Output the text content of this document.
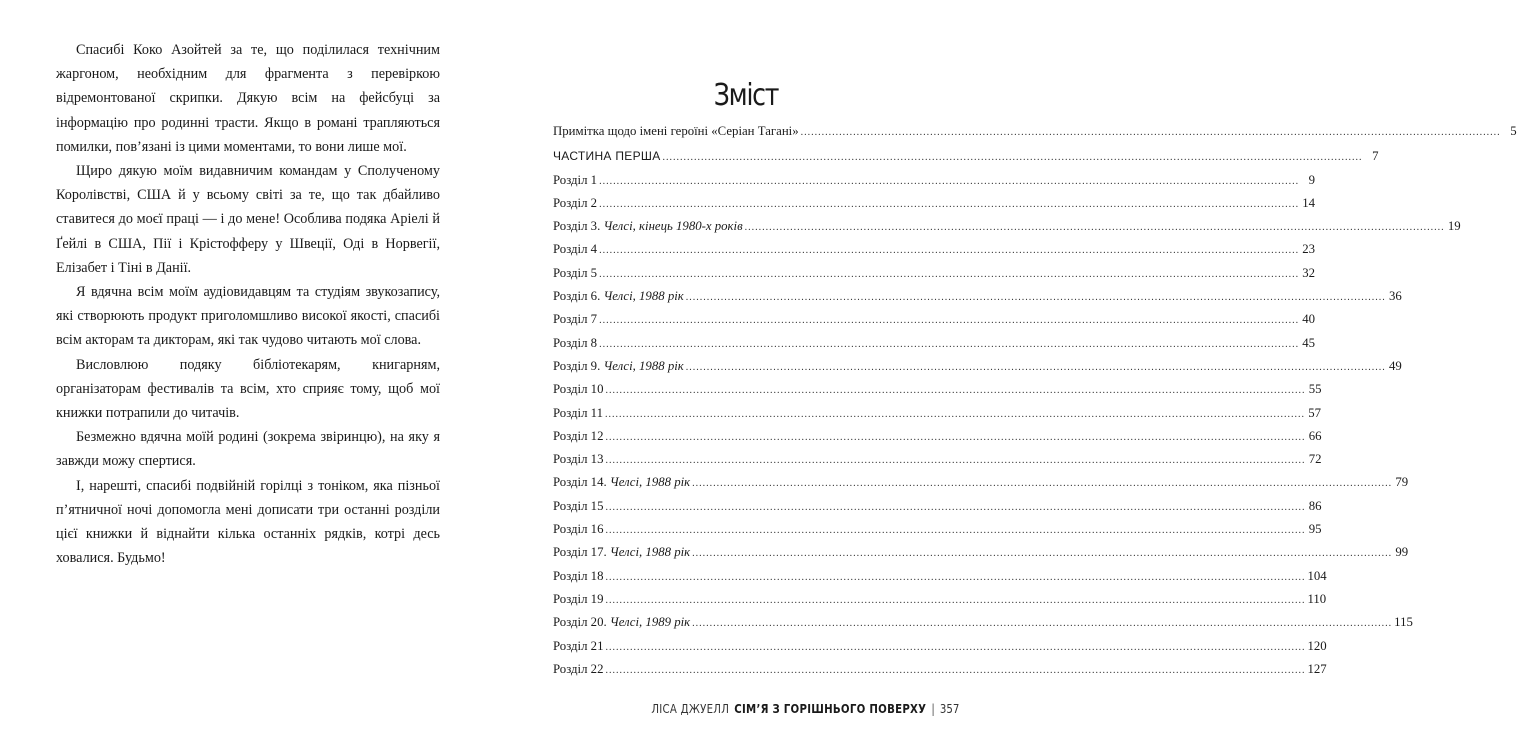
Спасибі Коко Азойтей за те, що поділилася технічним жаргоном, необхідним для фрагмента з перевіркою відремонтованої скрипки. Дякую всім на фейсбуці за інформацію про родинні трасти. Якщо в романі трапляються помилки, пов’язані із цими моментами, то вони лише мої.

Щиро дякую моїм видавничим командам у Сполученому Королівстві, США й у всьому світі за те, що так дбайливо ставитеся до моєї праці — і до мене! Особлива подяка Аріелі й Ґейлі в США, Пії і Крістофферу у Швеції, Оді в Норвегії, Елізабет і Тіні в Данії.

Я вдячна всім моїм аудіовидавцям та студіям звукозапису, які створюють продукт приголомшливо високої якості, спасибі всім акторам та дикторам, які так чудово читають мої слова.

Висловлюю подяку бібліотекарям, книгарням, організаторам фестивалів та всім, хто сприяє тому, щоб мої книжки потрапили до читачів.

Безмежно вдячна моїй родині (зокрема звіринцю), на яку я завжди можу спертися.

І, нарешті, спасибі подвійній горілці з тоніком, яка пізньої п’ятничної ночі допомогла мені дописати три останні розділи цієї книжки й віднайти кілька останніх рядків, котрі десь ховалися. Будьмо!

Зміст
Примітка щодо імені героїні «Серіан Тагані» ........................................................................................................................................................................................................ 5
ЧАСТИНА ПЕРША ........................................................................................................................................................................................................ 7
Розділ 1 ........................................................................................................................................................................................................ 9
Розділ 2 ........................................................................................................................................................................................................ 14
Розділ 3. Челсі, кінець 1980-х років ........................................................................................................................................................................................................ 19
Розділ 4 ........................................................................................................................................................................................................ 23
Розділ 5 ........................................................................................................................................................................................................ 32
Розділ 6. Челсі, 1988 рік ........................................................................................................................................................................................................ 36
Розділ 7 ........................................................................................................................................................................................................ 40
Розділ 8 ........................................................................................................................................................................................................ 45
Розділ 9. Челсі, 1988 рік ........................................................................................................................................................................................................ 49
Розділ 10 ........................................................................................................................................................................................................ 55
Розділ 11 ........................................................................................................................................................................................................ 57
Розділ 12 ........................................................................................................................................................................................................ 66
Розділ 13 ........................................................................................................................................................................................................ 72
Розділ 14. Челсі, 1988 рік ........................................................................................................................................................................................................ 79
Розділ 15 ........................................................................................................................................................................................................ 86
Розділ 16 ........................................................................................................................................................................................................ 95
Розділ 17. Челсі, 1988 рік ........................................................................................................................................................................................................ 99
Розділ 18 ........................................................................................................................................................................................................ 104
Розділ 19 ........................................................................................................................................................................................................ 110
Розділ 20. Челсі, 1989 рік ........................................................................................................................................................................................................ 115
Розділ 21 ........................................................................................................................................................................................................ 120
Розділ 22 ........................................................................................................................................................................................................ 127
ЛІСА ДЖУЕЛЛ СІМ’Я З ГОРІШНЬОГО ПОВЕРХУ | 357
